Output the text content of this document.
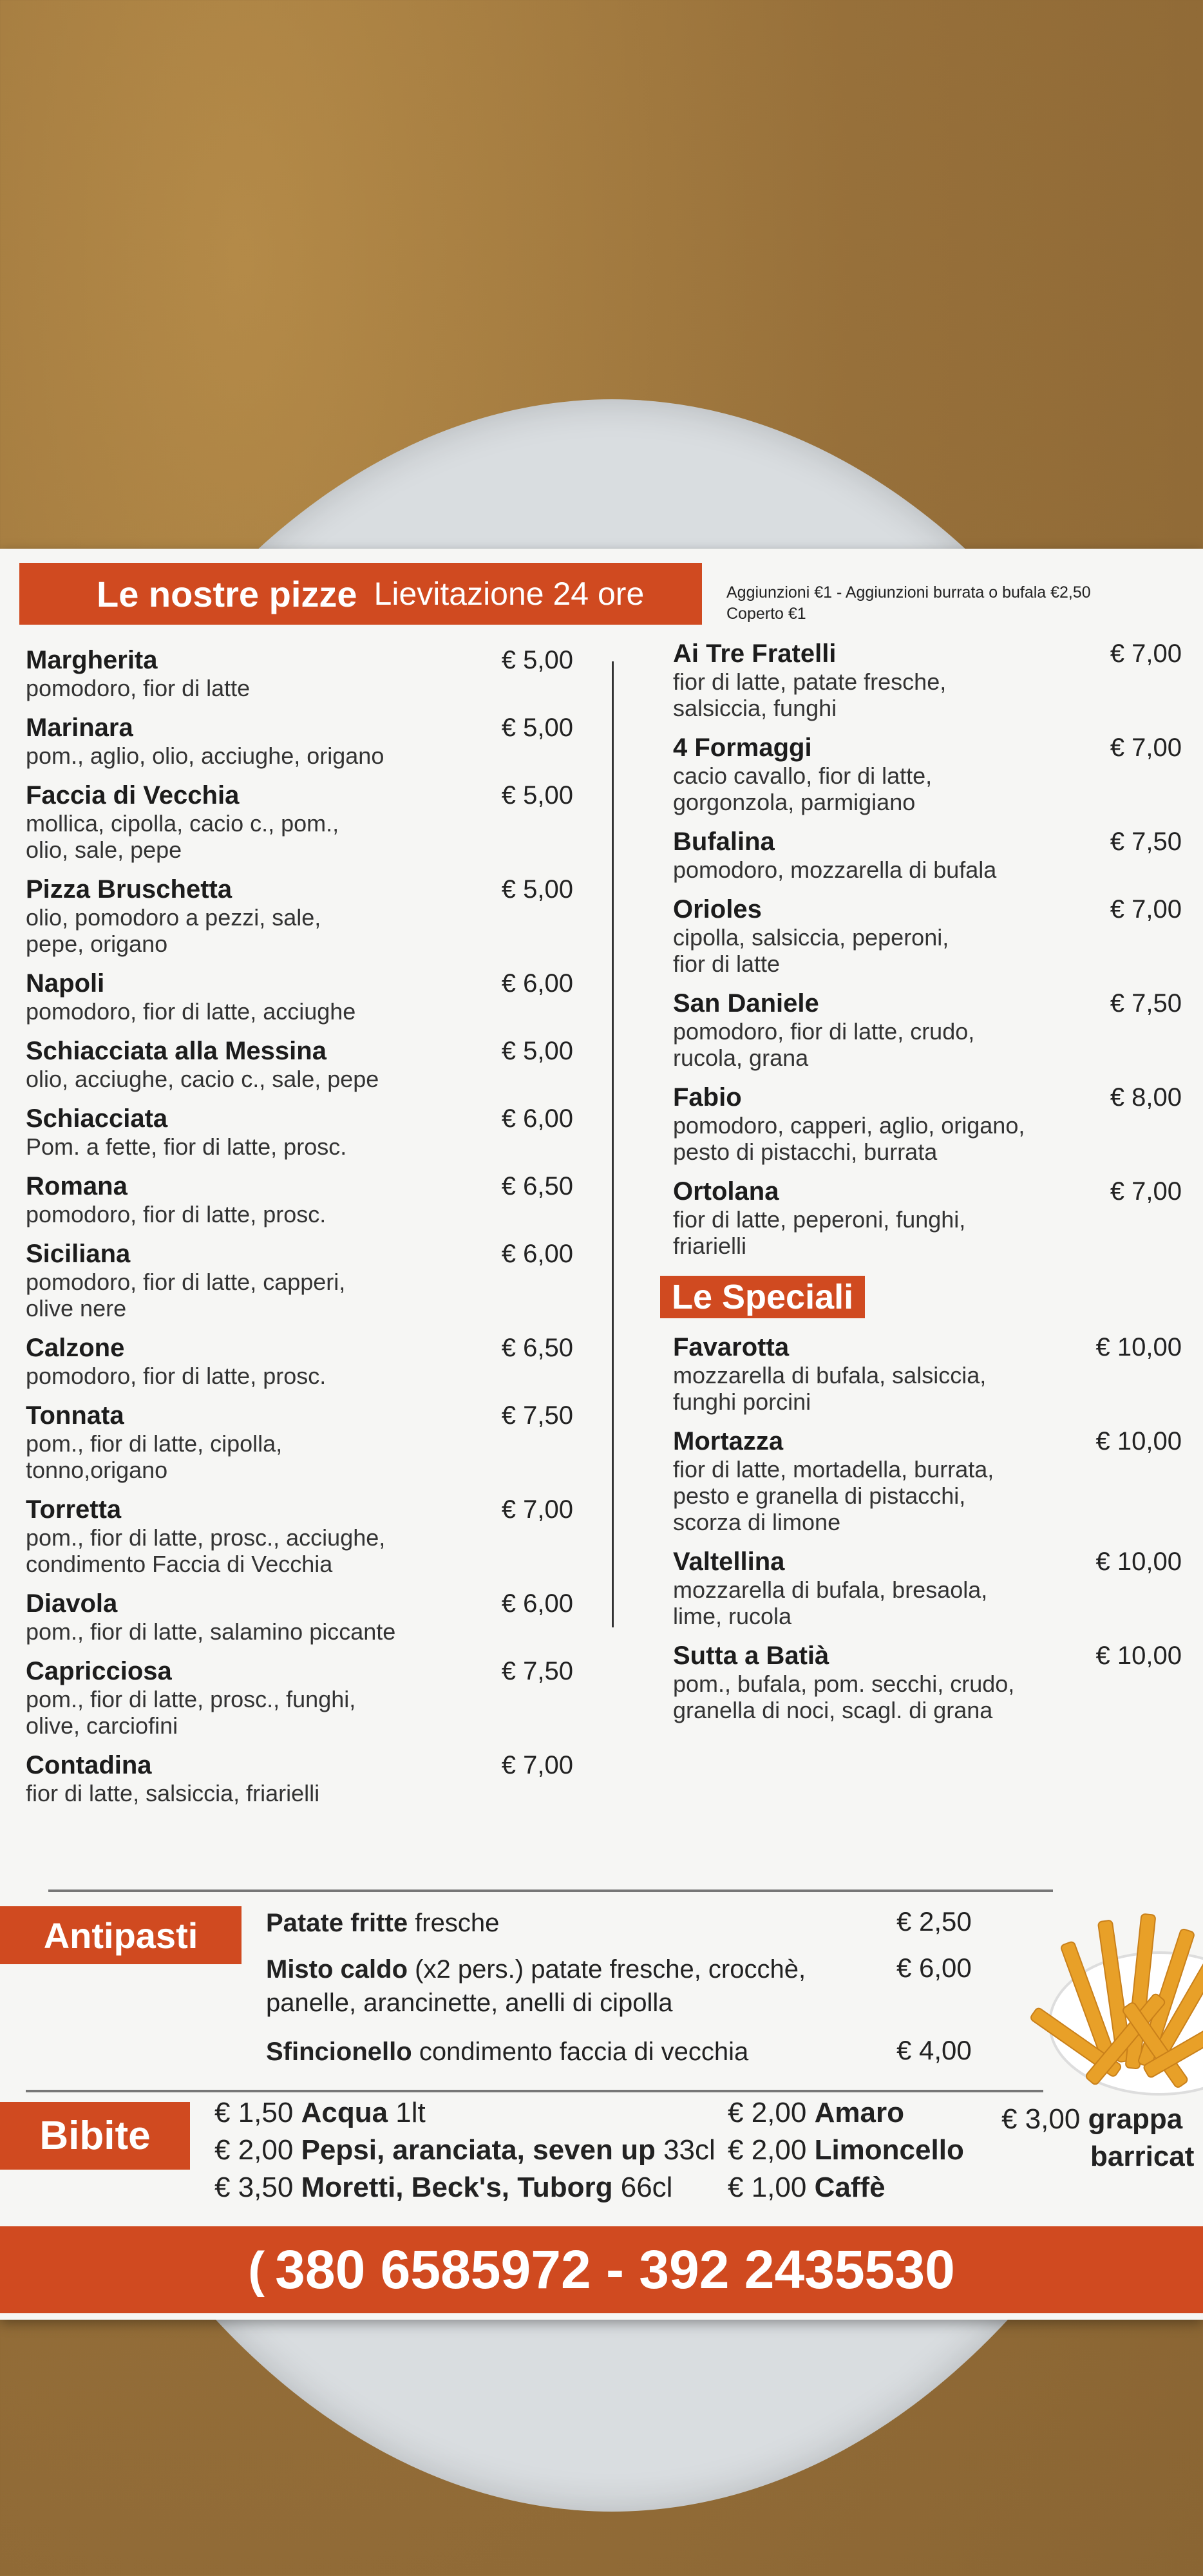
Le nostre pizze Lievitazione 24 ore	Aggiunzioni €1 - Aggiunzioni burrata o bufala €2,50
Coperto €1
Margherita
pomodoro, fior di latte
€ 5,00
Marinara
pom., aglio, olio, acciughe, origano
€ 5,00
Faccia di Vecchia
mollica, cipolla, cacio c., pom.,
olio, sale, pepe
€ 5,00
Pizza Bruschetta
olio, pomodoro a pezzi, sale,
pepe, origano
€ 5,00
Napoli
pomodoro, fior di latte, acciughe
€ 6,00
Schiacciata alla Messina
olio, acciughe, cacio c., sale, pepe
€ 5,00
Schiacciata
Pom. a fette, fior di latte, prosc.
€ 6,00
Romana
pomodoro, fior di latte, prosc.
€ 6,50
Siciliana
pomodoro, fior di latte, capperi,
olive nere
€ 6,00
Calzone
pomodoro, fior di latte, prosc.
€ 6,50
Tonnata
pom., fior di latte, cipolla,
tonno,origano
€ 7,50
Torretta
pom., fior di latte, prosc., acciughe,
condimento Faccia di Vecchia
€ 7,00
Diavola
pom., fior di latte, salamino piccante
€ 6,00
Capricciosa
pom., fior di latte, prosc., funghi,
olive, carciofini
€ 7,50
Contadina
fior di latte, salsiccia, friarielli
€ 7,00
Ai Tre Fratelli
fior di latte, patate fresche,
salsiccia, funghi
€ 7,00
4 Formaggi
cacio cavallo, fior di latte,
gorgonzola, parmigiano
€ 7,00
Bufalina
pomodoro, mozzarella di bufala
€ 7,50
Orioles
cipolla, salsiccia, peperoni,
fior di latte
€ 7,00
San Daniele
pomodoro, fior di latte, crudo,
rucola, grana
€ 7,50
Fabio
pomodoro, capperi, aglio, origano,
pesto di pistacchi, burrata
€ 8,00
Ortolana
fior di latte, peperoni, funghi,
friarielli
€ 7,00
Le Speciali
Favarotta
mozzarella di bufala, salsiccia,
funghi porcini
€ 10,00
Mortazza
fior di latte, mortadella, burrata,
pesto e granella di pistacchi,
scorza di limone
€ 10,00
Valtellina
mozzarella di bufala, bresaola,
lime, rucola
€ 10,00
Sutta a Batià
pom., bufala, pom. secchi, crudo,
granella di noci, scagl. di grana
€ 10,00
Antipasti	Patate fritte fresche	€ 2,50
Misto caldo (x2 pers.) patate fresche, crocchè,
panelle, arancinette, anelli di cipolla
€ 6,00
Sfincionello condimento faccia di vecchia	€ 4,00
Bibite
€ 1,50 Acqua 1lt
€ 2,00 Pepsi, aranciata, seven up 33cl
€ 3,50 Moretti, Beck's, Tuborg 66cl
€ 2,00 Amaro
€ 2,00 Limoncello
€ 1,00 Caffè
€ 3,00 grappa
barricat
( 380 6585972 - 392 2435530
